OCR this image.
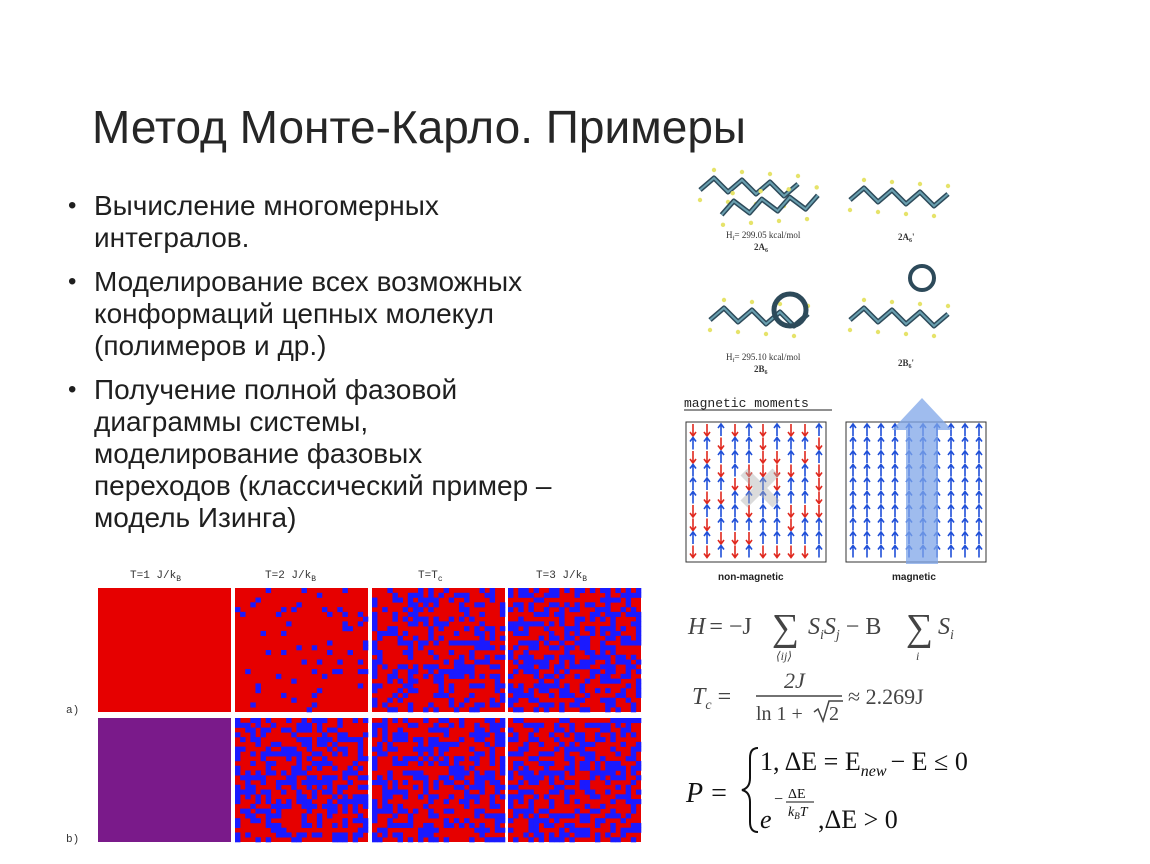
Метод Монте-Карло. Примеры
• Вычисление многомерных
интегралов.
• Моделирование всех возможных
конформаций цепных молекул
(полимеров и др.)
• Получение полной фазовой
диаграммы системы,
моделирование фазовых
переходов (классический пример –
модель Изинга)
T=1 $J/k_B$	T=2 $J/k_B$	$T=T_c$	T=3 $J/k_B$
a)
b)
$H_f= 299.05$ kcal/mol
$2A_6$
$2A_6'$
$H_f= 295.10$ kcal/mol
$2B_6$
$2B_6'$
magnetic moments
non-magnetic	magnetic
H = −J ∑
⟨ij⟩
$S_iS_j - B$ ∑
i
$S_i$
$T_c$ =
2J
ln 1 + 2
≈ 2.269J
P =
1, $\Delta E = E_{new} - E \le 0$
e
− ΔE
$k_BT$ ,ΔE > 0
